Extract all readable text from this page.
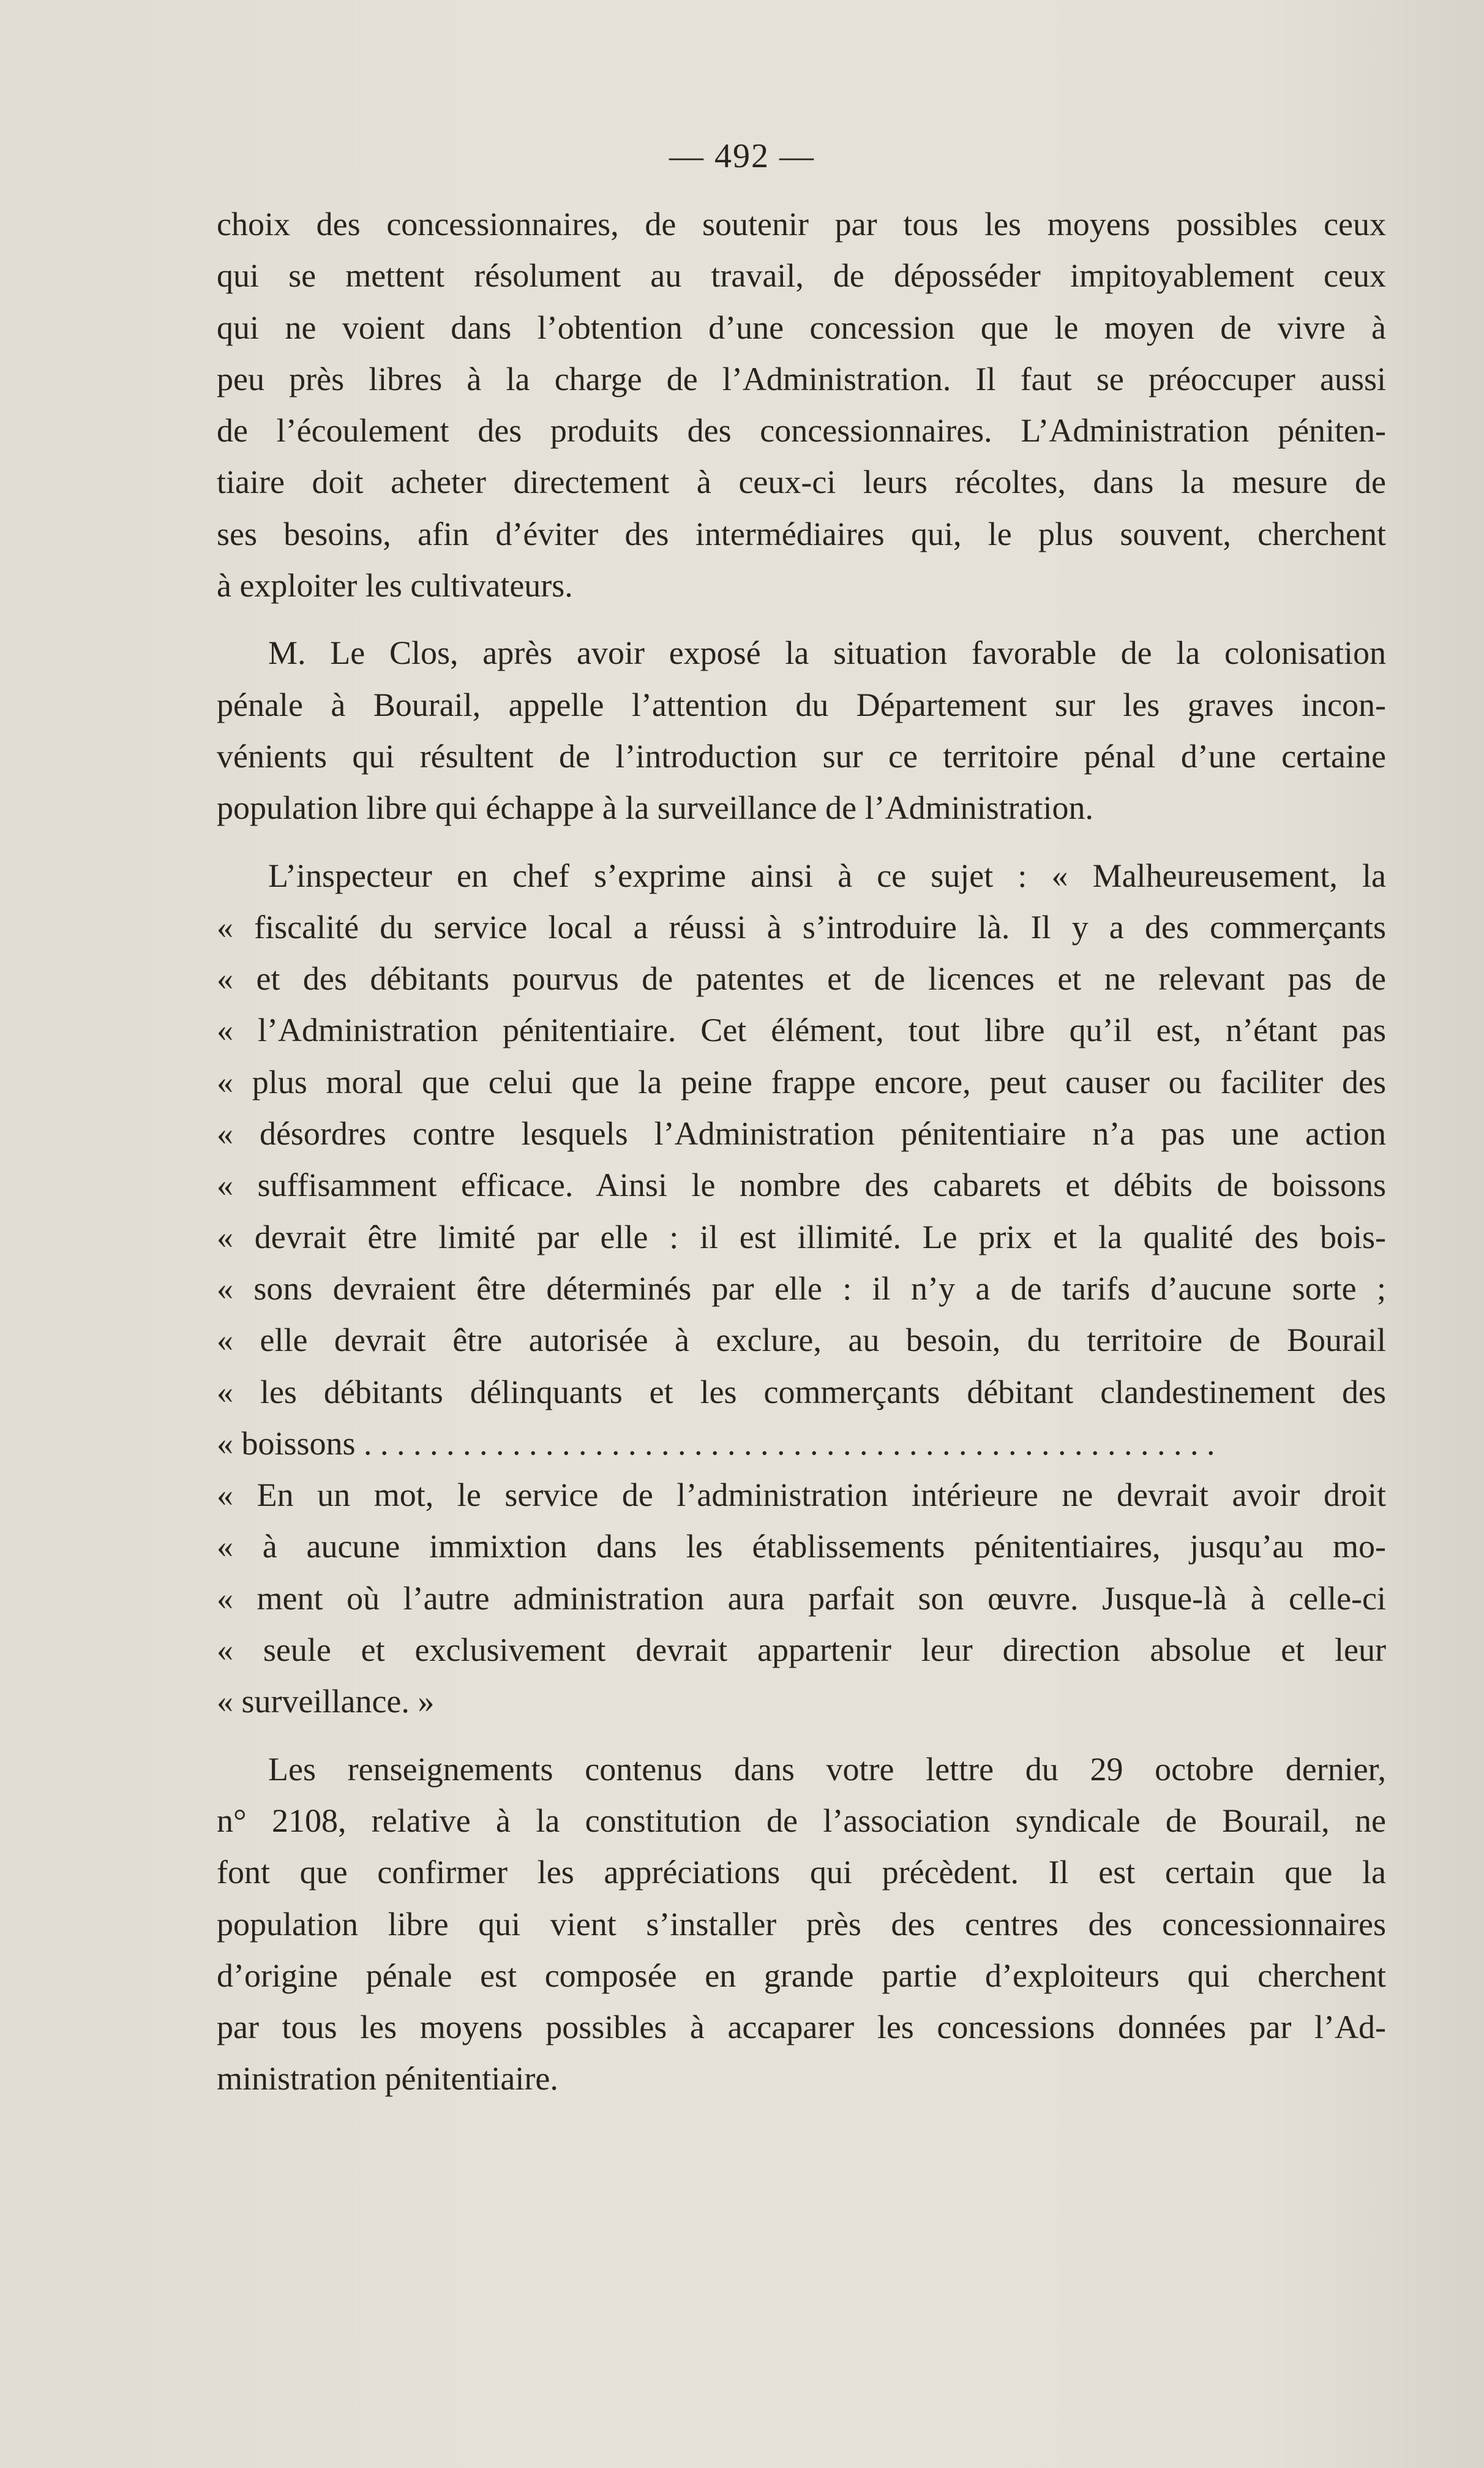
— 492 —
choix des concessionnaires, de soutenir par tous les moyens possibles ceux
qui se mettent résolument au travail, de déposséder impitoyablement ceux
qui ne voient dans l’obtention d’une concession que le moyen de vivre à
peu près libres à la charge de l’Administration. Il faut se préoccuper aussi
de l’écoulement des produits des concessionnaires. L’Administration péniten-
tiaire doit acheter directement à ceux-ci leurs récoltes, dans la mesure de
ses besoins, afin d’éviter des intermédiaires qui, le plus souvent, cherchent
à exploiter les cultivateurs.
M. Le Clos, après avoir exposé la situation favorable de la colonisation
pénale à Bourail, appelle l’attention du Département sur les graves incon-
vénients qui résultent de l’introduction sur ce territoire pénal d’une certaine
population libre qui échappe à la surveillance de l’Administration.
L’inspecteur en chef s’exprime ainsi à ce sujet : « Malheureusement, la
« fiscalité du service local a réussi à s’introduire là. Il y a des commerçants
« et des débitants pourvus de patentes et de licences et ne relevant pas de
« l’Administration pénitentiaire. Cet élément, tout libre qu’il est, n’étant pas
« plus moral que celui que la peine frappe encore, peut causer ou faciliter des
« désordres contre lesquels l’Administration pénitentiaire n’a pas une action
« suffisamment efficace. Ainsi le nombre des cabarets et débits de boissons
« devrait être limité par elle : il est illimité. Le prix et la qualité des bois-
« sons devraient être déterminés par elle : il n’y a de tarifs d’aucune sorte ;
« elle devrait être autorisée à exclure, au besoin, du territoire de Bourail
« les débitants délinquants et les commerçants débitant clandestinement des
« boissons . . . . . . . . . . . . . . . . . . . . . . . . . . . . . . . . . . . . . . . . . . . . . . . . . . . .
« En un mot, le service de l’administration intérieure ne devrait avoir droit
« à aucune immixtion dans les établissements pénitentiaires, jusqu’au mo-
« ment où l’autre administration aura parfait son œuvre. Jusque-là à celle-ci
« seule et exclusivement devrait appartenir leur direction absolue et leur
« surveillance. »
Les renseignements contenus dans votre lettre du 29 octobre dernier,
n° 2108, relative à la constitution de l’association syndicale de Bourail, ne
font que confirmer les appréciations qui précèdent. Il est certain que la
population libre qui vient s’installer près des centres des concessionnaires
d’origine pénale est composée en grande partie d’exploiteurs qui cherchent
par tous les moyens possibles à accaparer les concessions données par l’Ad-
ministration pénitentiaire.
